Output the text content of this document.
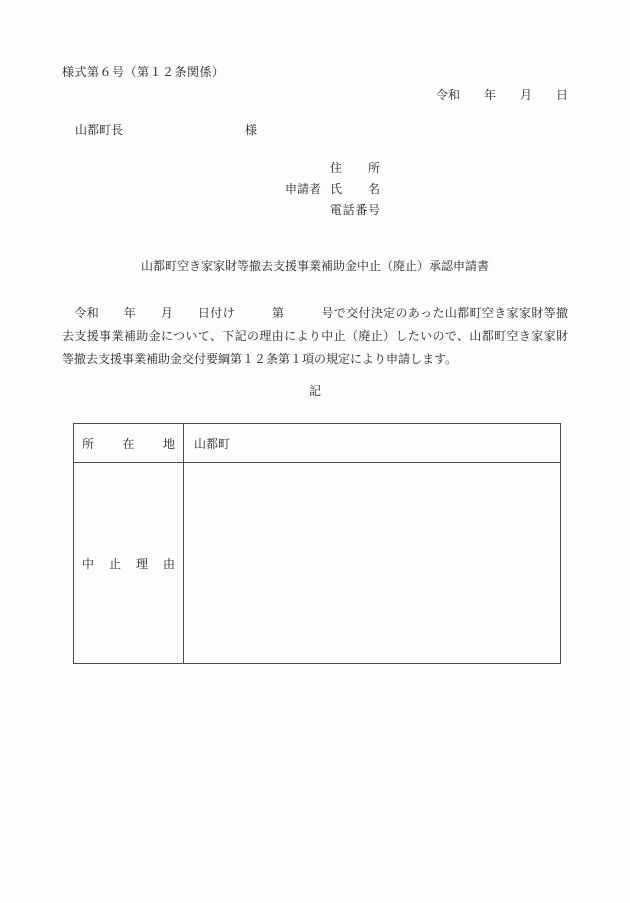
様式第６号（第１２条関係）
令和　　年　　月　　日
山都町長	様
申請者
住　　所
氏　　名
電話番号
山都町空き家家財等撤去支援事業補助金中止（廃止）承認申請書
　令和　　年　　月　　日付け　　　第　　　号で交付決定のあった山都町空き家家財等撤
去支援事業補助金について、下記の理由により中止（廃止）したいので、山都町空き家家財
等撤去支援事業補助金交付要綱第１２条第１項の規定により申請します。
記
所　　在　　地	山都町
中　止　理　由	
